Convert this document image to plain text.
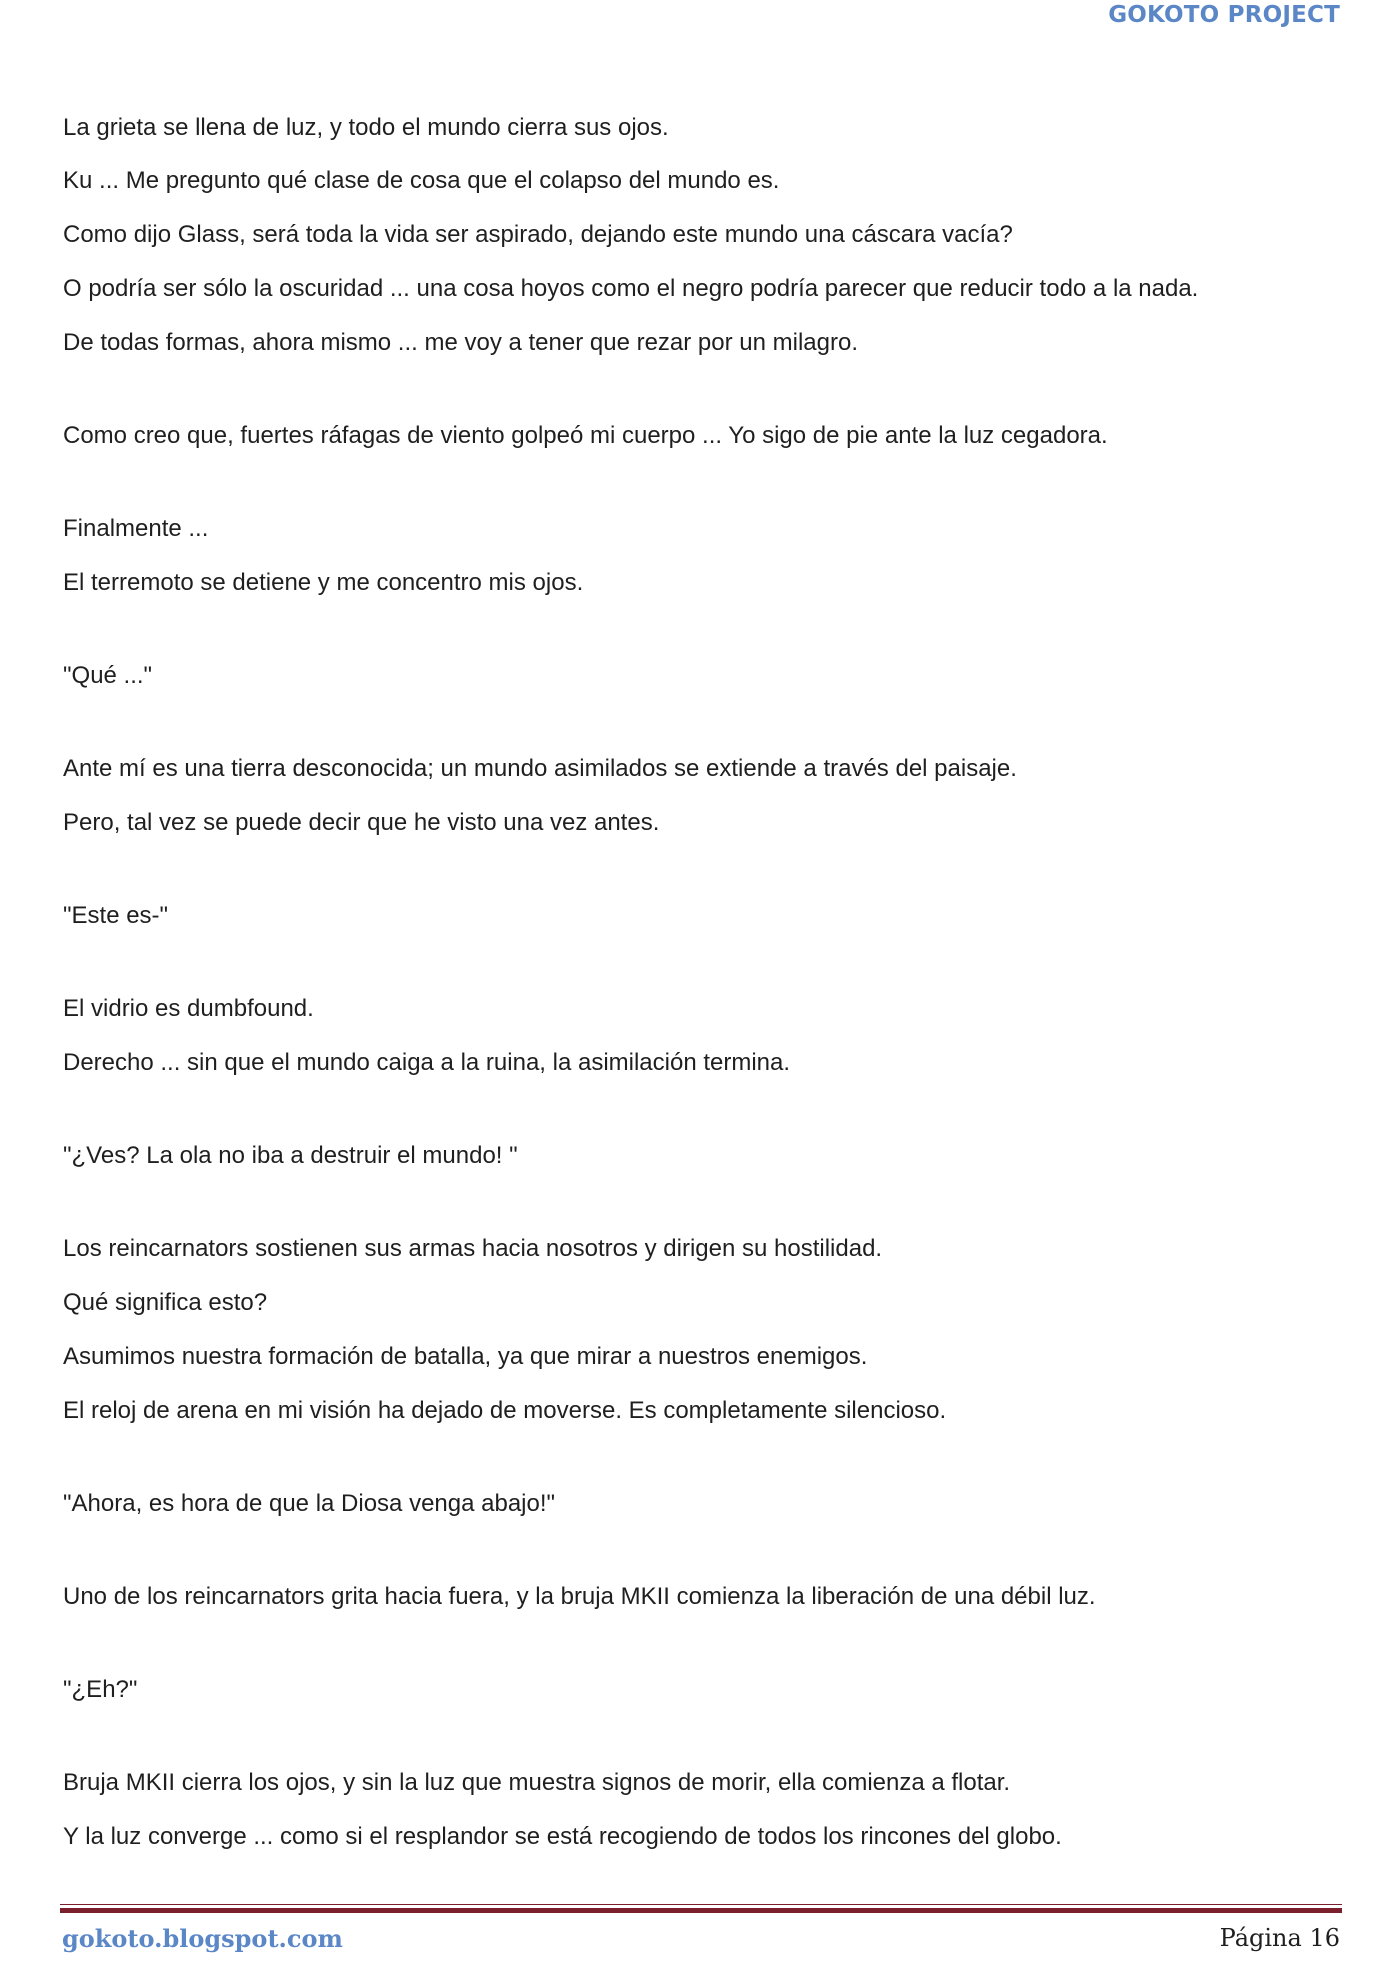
GOKOTO PROJECT

La grieta se llena de luz, y todo el mundo cierra sus ojos.

Ku ... Me pregunto qué clase de cosa que el colapso del mundo es.

Como dijo Glass, será toda la vida ser aspirado, dejando este mundo una cáscara vacía?

O podría ser sólo la oscuridad ... una cosa hoyos como el negro podría parecer que reducir todo a la nada.

De todas formas, ahora mismo ... me voy a tener que rezar por un milagro.

Como creo que, fuertes ráfagas de viento golpeó mi cuerpo ... Yo sigo de pie ante la luz cegadora.

Finalmente ...

El terremoto se detiene y me concentro mis ojos.

"Qué ..."

Ante mí es una tierra desconocida; un mundo asimilados se extiende a través del paisaje.

Pero, tal vez se puede decir que he visto una vez antes.

"Este es-"

El vidrio es dumbfound.

Derecho ... sin que el mundo caiga a la ruina, la asimilación termina.

"¿Ves? La ola no iba a destruir el mundo! "

Los reincarnators sostienen sus armas hacia nosotros y dirigen su hostilidad.

Qué significa esto?

Asumimos nuestra formación de batalla, ya que mirar a nuestros enemigos.

El reloj de arena en mi visión ha dejado de moverse. Es completamente silencioso.

"Ahora, es hora de que la Diosa venga abajo!"

Uno de los reincarnators grita hacia fuera, y la bruja MKII comienza la liberación de una débil luz.

"¿Eh?"

Bruja MKII cierra los ojos, y sin la luz que muestra signos de morir, ella comienza a flotar.

Y la luz converge ... como si el resplandor se está recogiendo de todos los rincones del globo.

gokoto.blogspot.com	Página 16
